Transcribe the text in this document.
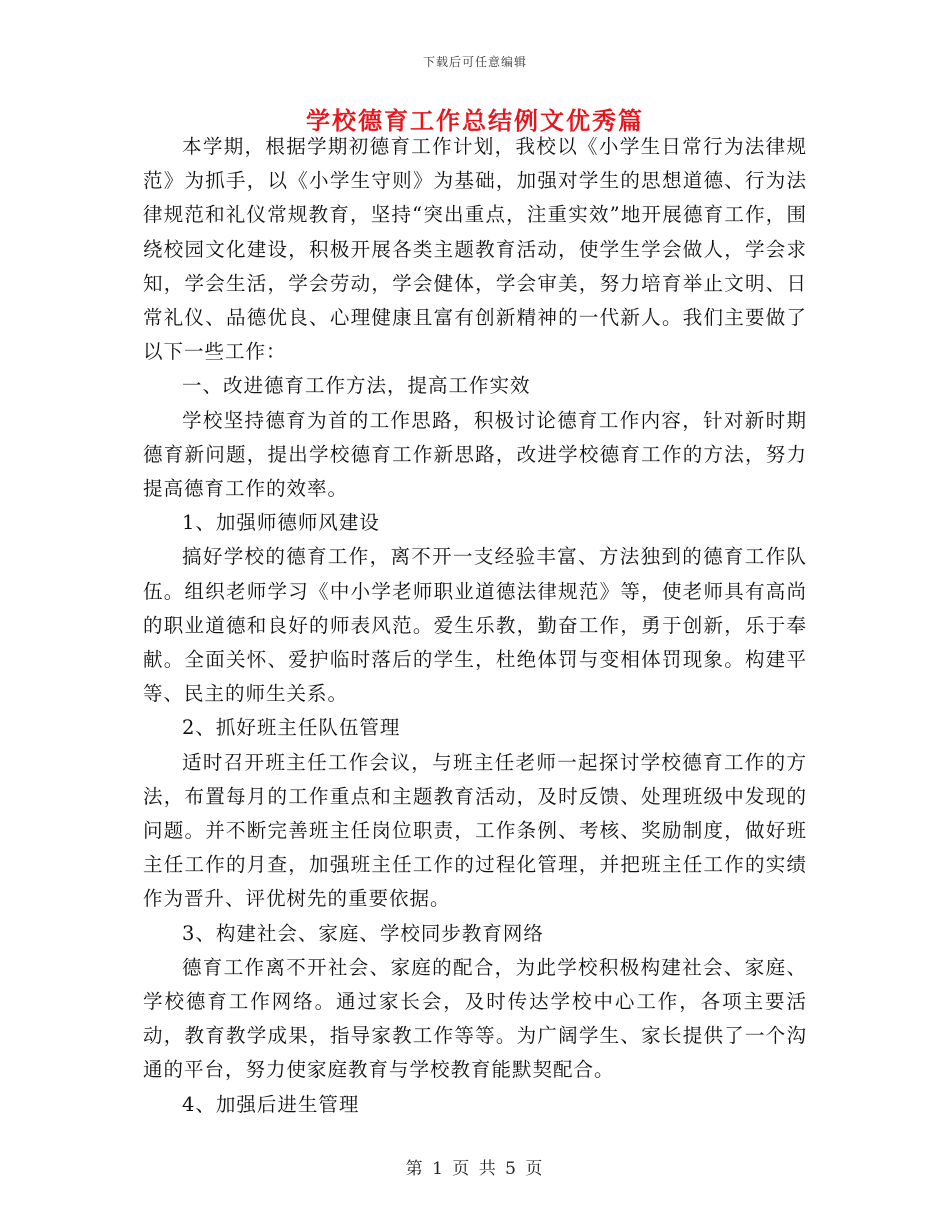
下载后可任意编辑
学校德育工作总结例文优秀篇

本学期，根据学期初德育工作计划，我校以《小学生日常行为法律规范》为抓手，以《小学生守则》为基础，加强对学生的思想道德、行为法律规范和礼仪常规教育，坚持“突出重点，注重实效”地开展德育工作，围绕校园文化建设，积极开展各类主题教育活动，使学生学会做人，学会求知，学会生活，学会劳动，学会健体，学会审美，努力培育举止文明、日常礼仪、品德优良、心理健康且富有创新精神的一代新人。我们主要做了以下一些工作：

一、改进德育工作方法，提高工作实效

学校坚持德育为首的工作思路，积极讨论德育工作内容，针对新时期德育新问题，提出学校德育工作新思路，改进学校德育工作的方法，努力提高德育工作的效率。

1、加强师德师风建设

搞好学校的德育工作，离不开一支经验丰富、方法独到的德育工作队伍。组织老师学习《中小学老师职业道德法律规范》等，使老师具有高尚的职业道德和良好的师表风范。爱生乐教，勤奋工作，勇于创新，乐于奉献。全面关怀、爱护临时落后的学生，杜绝体罚与变相体罚现象。构建平等、民主的师生关系。

2、抓好班主任队伍管理

适时召开班主任工作会议，与班主任老师一起探讨学校德育工作的方法，布置每月的工作重点和主题教育活动，及时反馈、处理班级中发现的问题。并不断完善班主任岗位职责，工作条例、考核、奖励制度，做好班主任工作的月查，加强班主任工作的过程化管理，并把班主任工作的实绩作为晋升、评优树先的重要依据。

3、构建社会、家庭、学校同步教育网络

德育工作离不开社会、家庭的配合，为此学校积极构建社会、家庭、学校德育工作网络。通过家长会，及时传达学校中心工作，各项主要活动，教育教学成果，指导家教工作等等。为广阔学生、家长提供了一个沟通的平台，努力使家庭教育与学校教育能默契配合。

4、加强后进生管理

第 1 页 共 5 页
